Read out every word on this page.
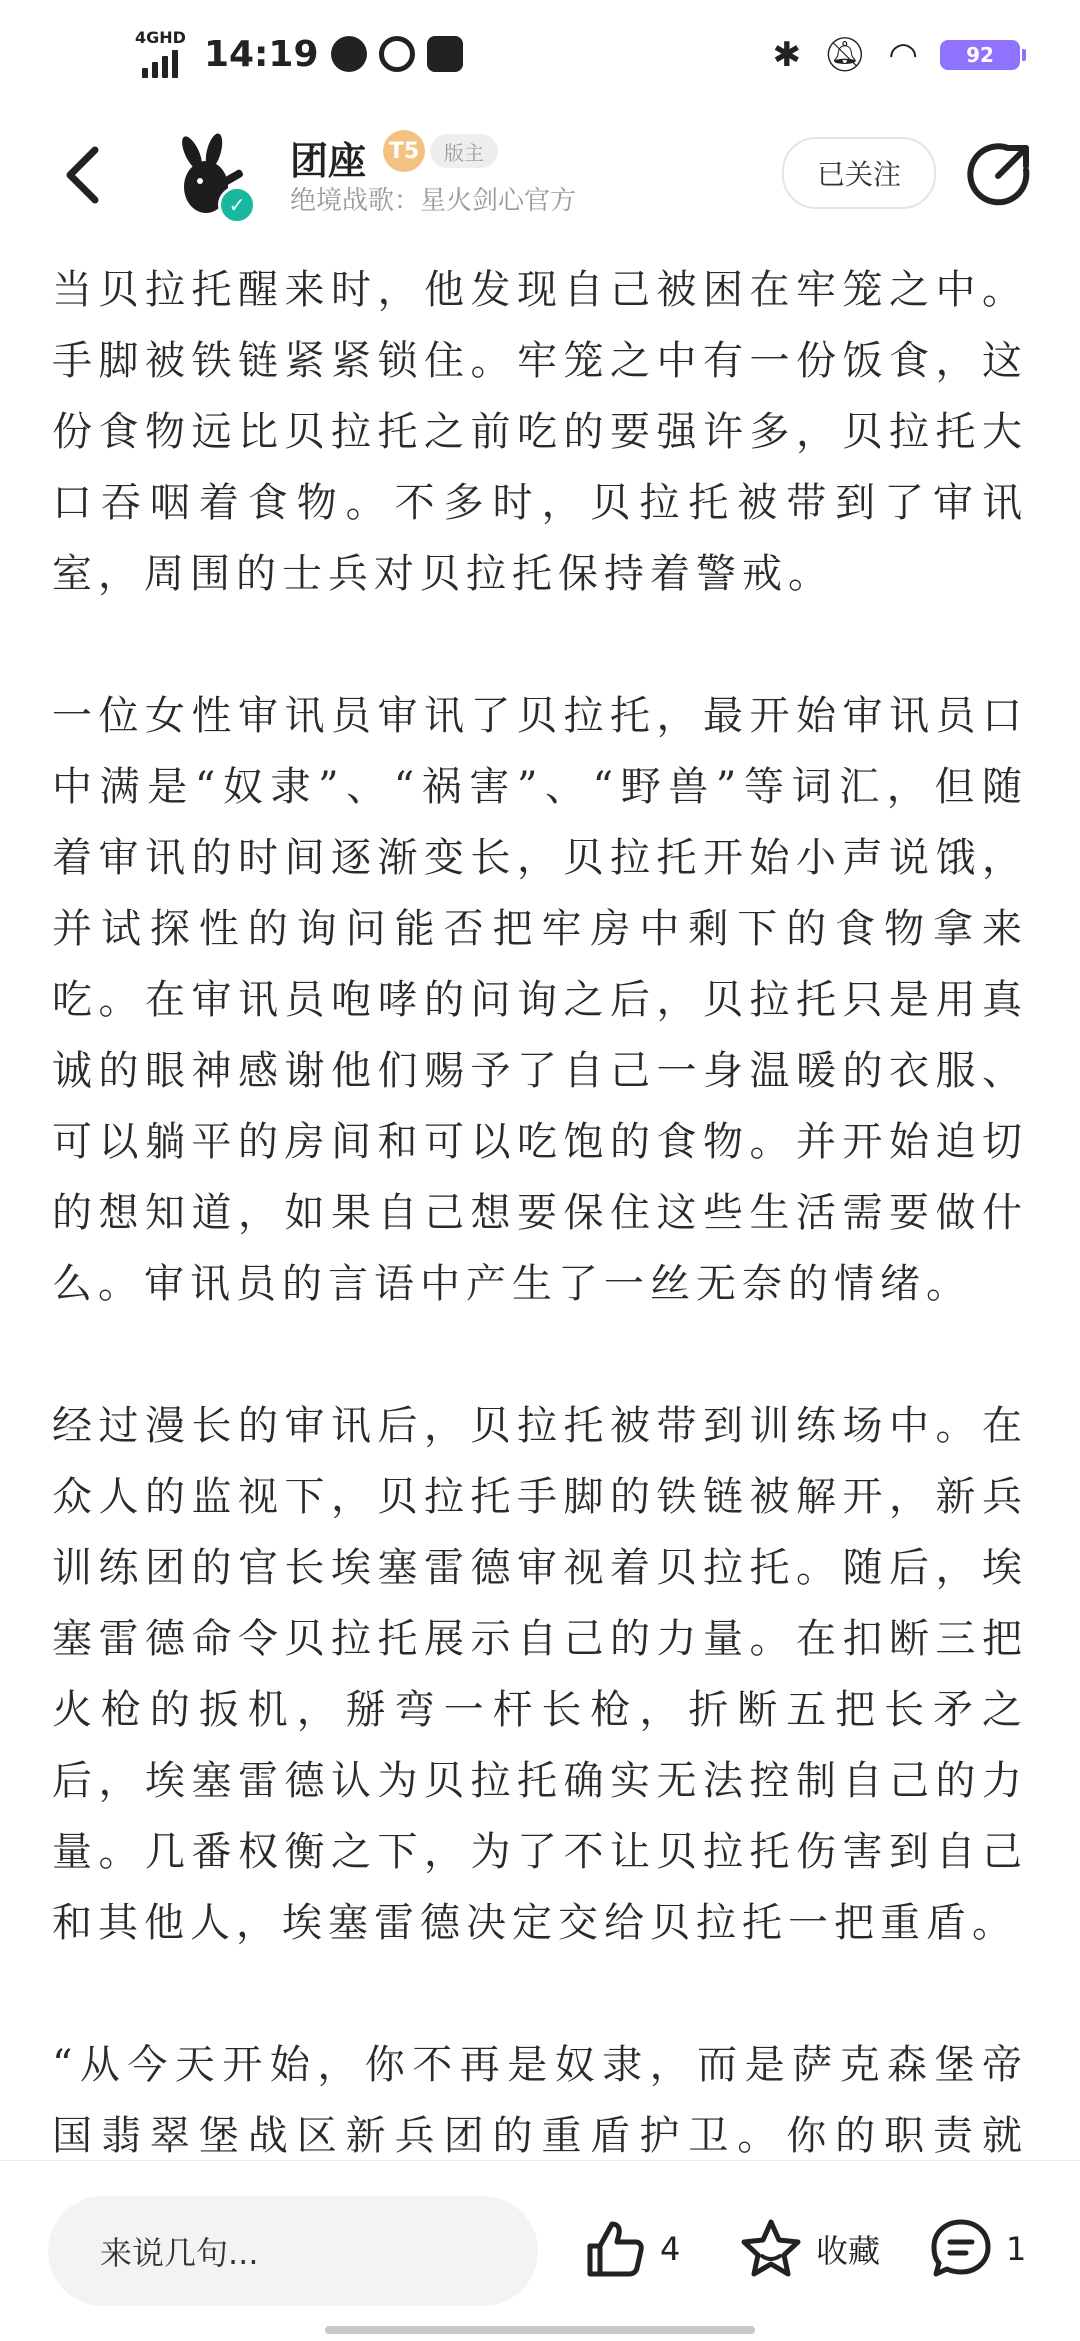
4GHD 14:19	✱ 🔕︎ ◠	92
✓
团座 T5	版主
绝境战歌：星火剑心官方
已关注

当贝拉托醒来时，他发现自己被困在牢笼之中。手脚被铁链紧紧锁住。牢笼之中有一份饭食，这份食物远比贝拉托之前吃的要强许多，贝拉托大口吞咽着食物。不多时，贝拉托被带到了审讯室，周围的士兵对贝拉托保持着警戒。

一位女性审讯员审讯了贝拉托，最开始审讯员口中满是“奴隶”、“祸害”、“野兽”等词汇，但随着审讯的时间逐渐变长，贝拉托开始小声说饿，并试探性的询问能否把牢房中剩下的食物拿来吃。在审讯员咆哮的问询之后，贝拉托只是用真诚的眼神感谢他们赐予了自己一身温暖的衣服、可以躺平的房间和可以吃饱的食物。并开始迫切的想知道，如果自己想要保住这些生活需要做什么。审讯员的言语中产生了一丝无奈的情绪。

经过漫长的审讯后，贝拉托被带到训练场中。在众人的监视下，贝拉托手脚的铁链被解开，新兵训练团的官长埃塞雷德审视着贝拉托。随后，埃塞雷德命令贝拉托展示自己的力量。在扣断三把火枪的扳机，掰弯一杆长枪，折断五把长矛之后，埃塞雷德认为贝拉托确实无法控制自己的力量。几番权衡之下，为了不让贝拉托伤害到自己和其他人，埃塞雷德决定交给贝拉托一把重盾。

“从今天开始，你不再是奴隶，而是萨克森堡帝国翡翠堡战区新兵团的重盾护卫。你的职责就

来说几句...	4	收藏	1
